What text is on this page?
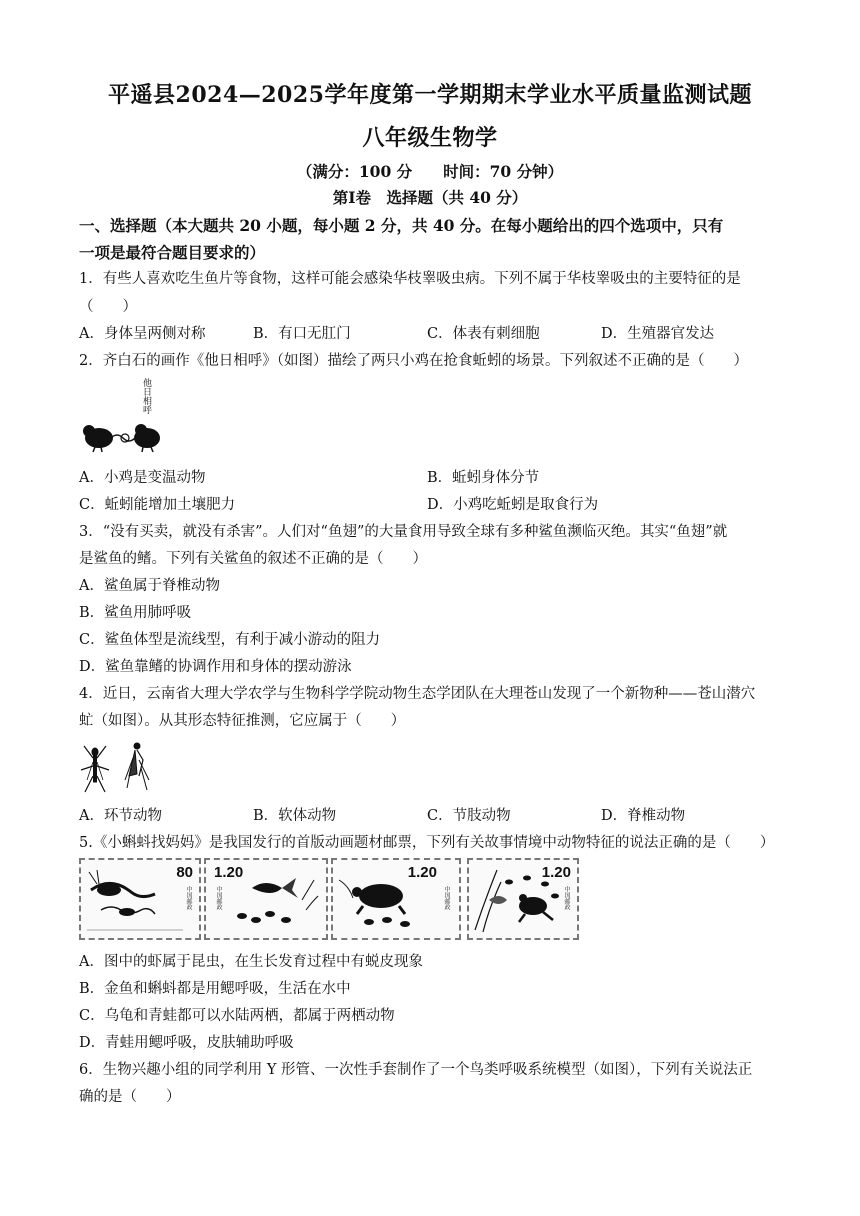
平遥县2024—2025学年度第一学期期末学业水平质量监测试题
八年级生物学
（满分：100 分　　时间：70 分钟）
第Ⅰ卷　选择题（共 40 分）
一、选择题（本大题共 20 小题，每小题 2 分，共 40 分。在每小题给出的四个选项中，只有
一项是最符合题目要求的）
1．有些人喜欢吃生鱼片等食物，这样可能会感染华枝睾吸虫病。下列不属于华枝睾吸虫的主要特征的是
（　　）
A．身体呈两侧对称	B．有口无肛门	C．体表有刺细胞	D．生殖器官发达
2．齐白石的画作《他日相呼》（如图）描绘了两只小鸡在抢食蚯蚓的场景。下列叙述不正确的是（　　）
他日相呼
A．小鸡是变温动物	B．蚯蚓身体分节
C．蚯蚓能增加土壤肥力	D．小鸡吃蚯蚓是取食行为
3．“没有买卖，就没有杀害”。人们对“鱼翅”的大量食用导致全球有多种鲨鱼濒临灭绝。其实“鱼翅”就
是鲨鱼的鳍。下列有关鲨鱼的叙述不正确的是（　　）
A．鲨鱼属于脊椎动物
B．鲨鱼用肺呼吸
C．鲨鱼体型是流线型，有利于减小游动的阻力
D．鲨鱼靠鳍的协调作用和身体的摆动游泳
4．近日，云南省大理大学农学与生物科学学院动物生态学团队在大理苍山发现了一个新物种——苍山潜穴
虻（如图）。从其形态特征推测，它应属于（　　）
A．环节动物	B．软体动物	C．节肢动物	D．脊椎动物
5.《小蝌蚪找妈妈》是我国发行的首版动画题材邮票，下列有关故事情境中动物特征的说法正确的是（　　）
80
中国邮政
1.20
中国邮政
1.20
中国邮政
1.20
中国邮政
A．图中的虾属于昆虫，在生长发育过程中有蜕皮现象
B．金鱼和蝌蚪都是用鳃呼吸，生活在水中
C．乌龟和青蛙都可以水陆两栖，都属于两栖动物
D．青蛙用鳃呼吸，皮肤辅助呼吸
6．生物兴趣小组的同学利用 Y 形管、一次性手套制作了一个鸟类呼吸系统模型（如图），下列有关说法正
确的是（　　）
